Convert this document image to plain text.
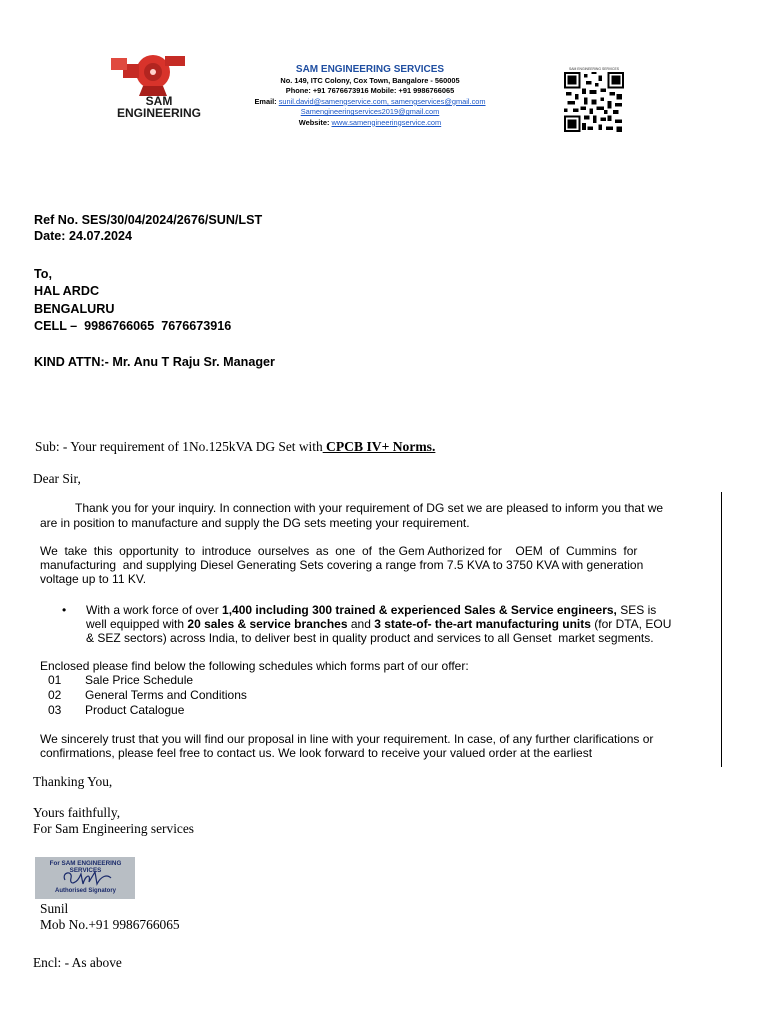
SAM
ENGINEERING
SAM ENGINEERING SERVICES
No. 149, ITC Colony, Cox Town, Bangalore - 560005
Phone: +91 7676673916 Mobile: +91 9986766065
Email: sunil.david@samengservice.com, samengservices@gmail.com
Samengineeringservices2019@gmail.com
Website: www.samengineeringservice.com
SAM ENGINEERING SERVICES
Ref No. SES/30/04/2024/2676/SUN/LST
Date: 24.07.2024
To,
HAL ARDC
BENGALURU
CELL –  9986766065  7676673916
KIND ATTN:- Mr. Anu T Raju Sr. Manager
Sub: - Your requirement of 1No.125kVA DG Set with CPCB IV+ Norms.
Dear Sir,
Thank you for your inquiry. In connection with your requirement of DG set we are pleased to inform you that we
are in position to manufacture and supply the DG sets meeting your requirement.
We  take  this  opportunity  to  introduce  ourselves  as  one  of  the Gem Authorized for    OEM  of  Cummins  for
manufacturing  and supplying Diesel Generating Sets covering a range from 7.5 KVA to 3750 KVA with generation
voltage up to 11 KV.
• With a work force of over 1,400 including 300 trained & experienced Sales & Service engineers, SES is
well equipped with 20 sales & service branches and 3 state-of- the-art manufacturing units (for DTA, EOU
& SEZ sectors) across India, to deliver best in quality product and services to all Genset  market segments.
Enclosed please find below the following schedules which forms part of our offer:
01 Sale Price Schedule
02 General Terms and Conditions
03 Product Catalogue
We sincerely trust that you will find our proposal in line with your requirement. In case, of any further clarifications or
confirmations, please feel free to contact us. We look forward to receive your valued order at the earliest
Thanking You,
Yours faithfully,
For Sam Engineering services
For SAM ENGINEERING SERVICES
Authorised Signatory
Sunil
Mob No.+91 9986766065
Encl: - As above
